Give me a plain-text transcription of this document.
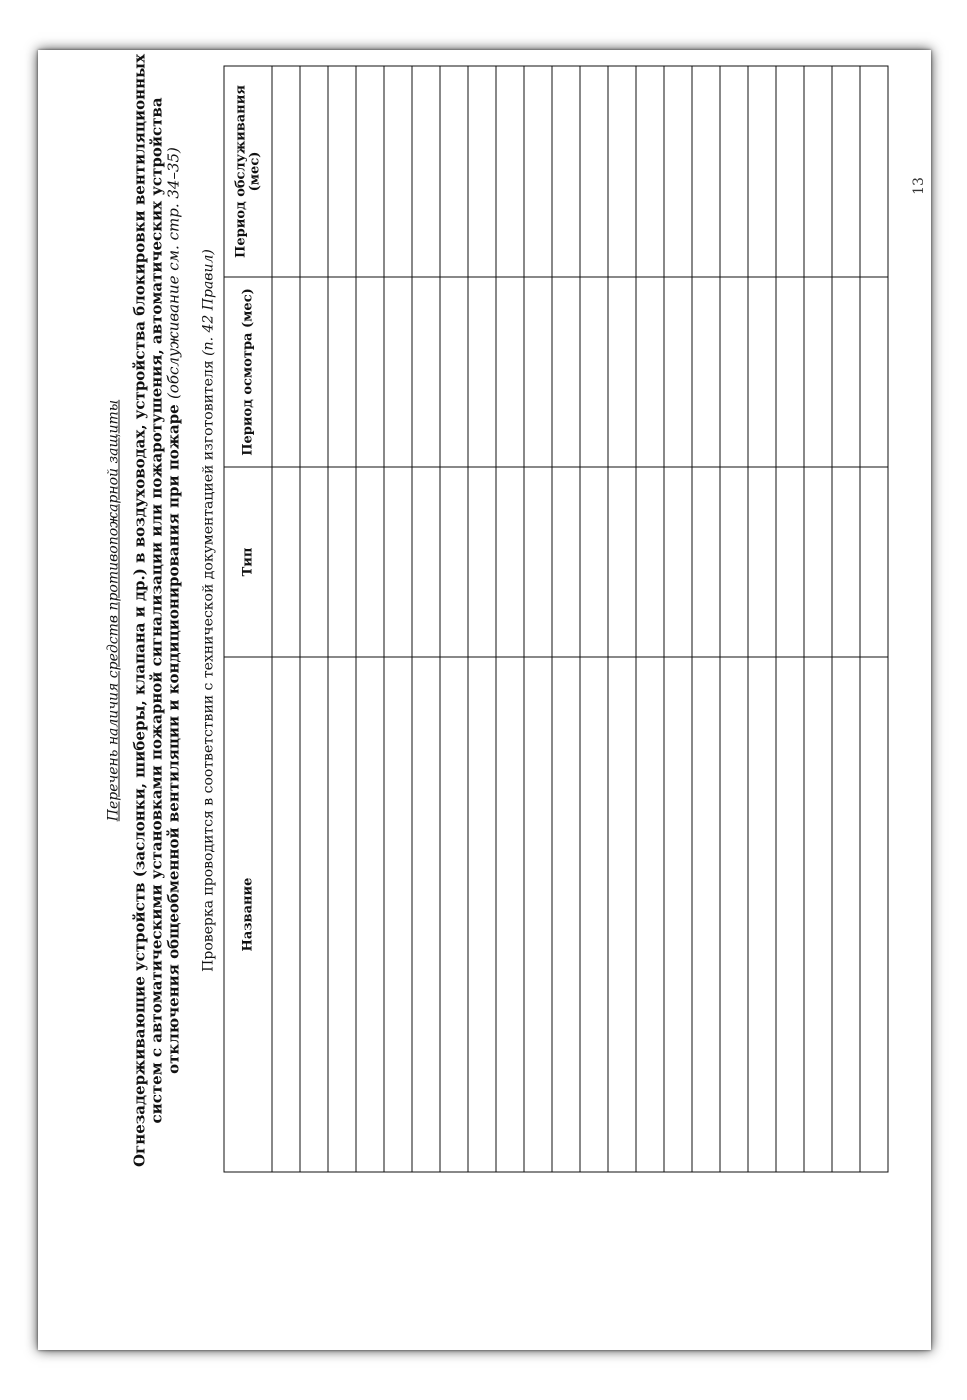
Перечень наличия средств противопожарной защиты Огнезадерживающие устройств (заслонки, шиберы, клапана и др.) в воздуховодах, устройства блокировки вентиляционных систем с автоматическими установками пожарной сигнализации или пожаротушения, автоматических устройства отключения общеобменной вентиляции и кондиционирования при пожаре (обслуживание см. стр. 34–35)
Проверка проводится в соответствии с технической документацией изготовителя (п. 42 Правил)
Название	Тип	Период осмотра (мес)	Период обслуживания (мес)

				13
